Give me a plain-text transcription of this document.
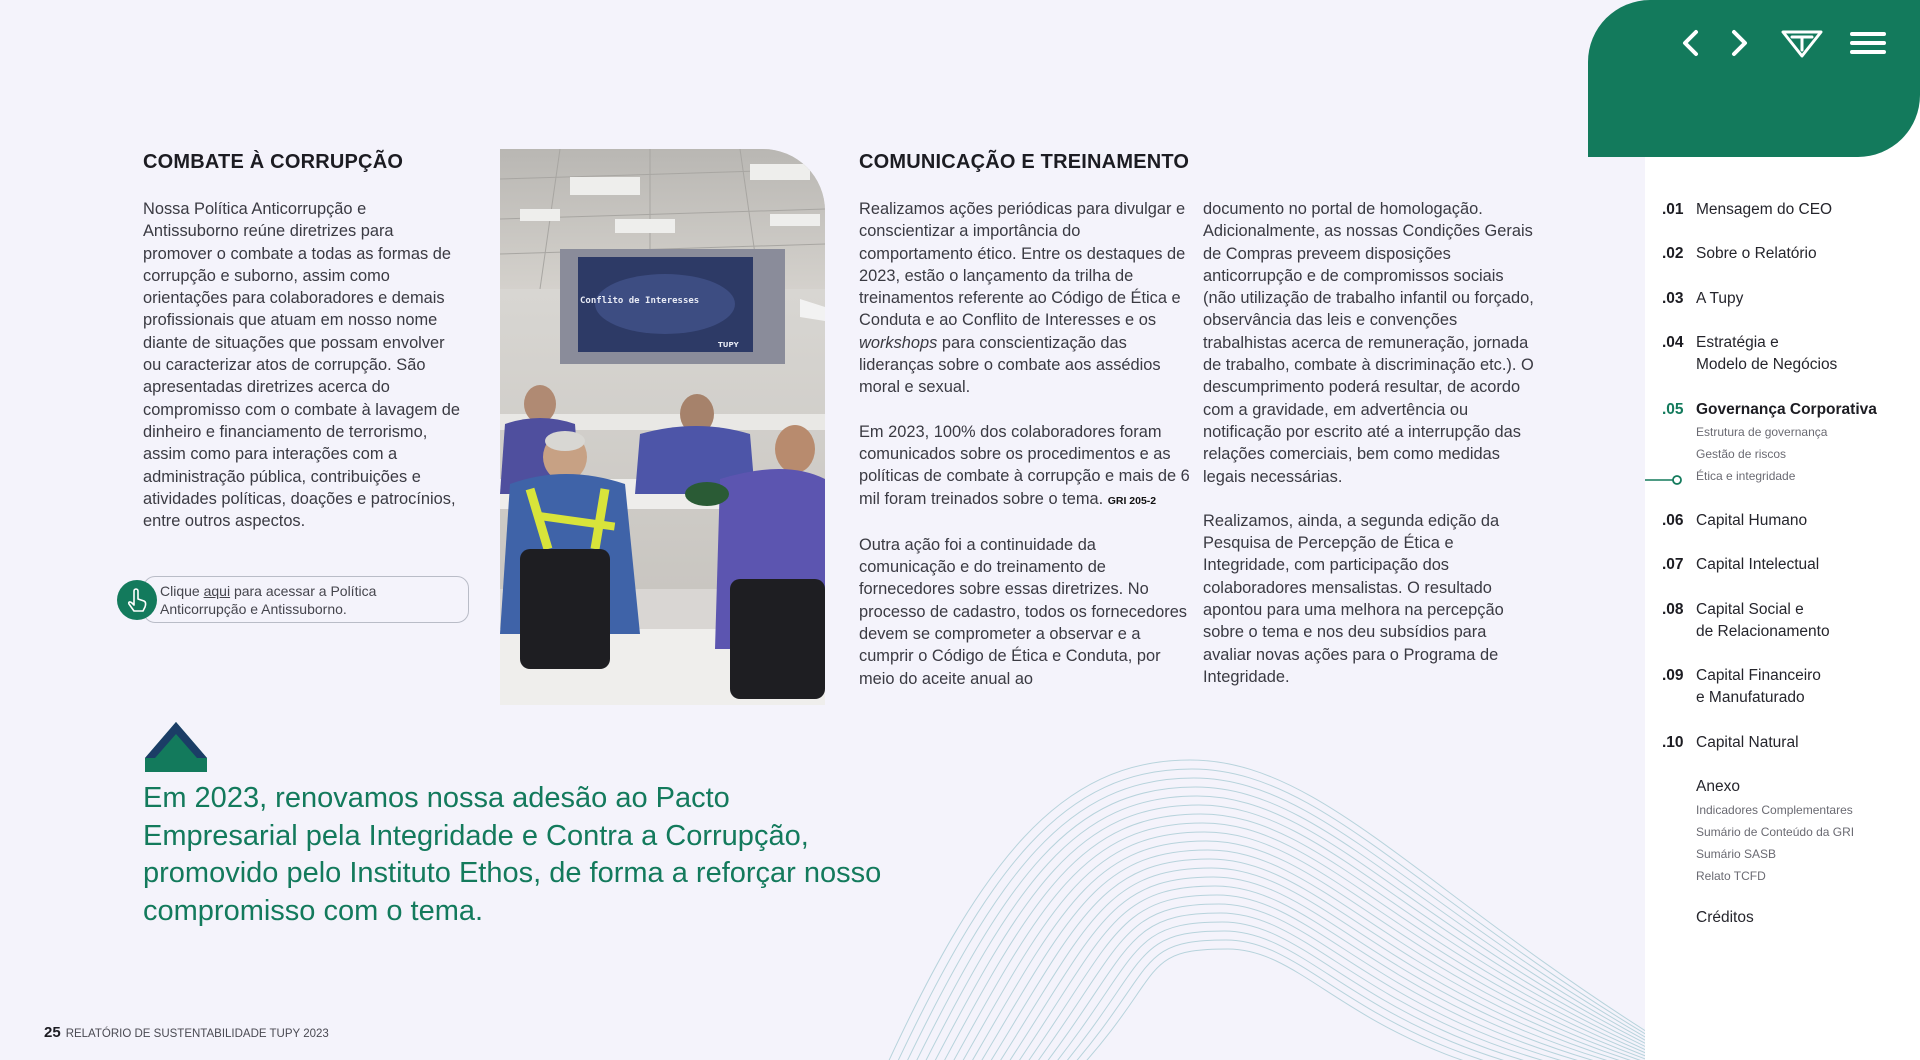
COMBATE À CORRUPÇÃO

Nossa Política Anticorrupção e Antissuborno reúne diretrizes para promover o combate a todas as formas de corrupção e suborno, assim como orientações para colaboradores e demais profissionais que atuam em nosso nome diante de situações que possam envolver ou caracterizar atos de corrupção. São apresentadas diretrizes acerca do compromisso com o combate à lavagem de dinheiro e financiamento de terrorismo, assim como para interações com a administração pública, contribuições e atividades políticas, doações e patrocínios, entre outros aspectos.

Clique aqui para acessar a Política Anticorrupção e Antissuborno.
Conflito de Interesses
TUPY
COMUNICAÇÃO E TREINAMENTO

Realizamos ações periódicas para divulgar e conscientizar a importância do comportamento ético. Entre os destaques de 2023, estão o lançamento da trilha de treinamentos referente ao Código de Ética e Conduta e ao Conflito de Interesses e os workshops para conscientização das lideranças sobre o combate aos assédios moral e sexual.

Em 2023, 100% dos colaboradores foram comunicados sobre os procedimentos e as políticas de combate à corrupção e mais de 6 mil foram treinados sobre o tema. GRI 205-2

Outra ação foi a continuidade da comunicação e do treinamento de fornecedores sobre essas diretrizes. No processo de cadastro, todos os fornecedores devem se comprometer a observar e a cumprir o Código de Ética e Conduta, por meio do aceite anual ao

documento no portal de homologação. Adicionalmente, as nossas Condições Gerais de Compras preveem disposições anticorrupção e de compromissos sociais (não utilização de trabalho infantil ou forçado, observância das leis e convenções trabalhistas acerca de remuneração, jornada de trabalho, combate à discriminação etc.). O descumprimento poderá resultar, de acordo com a gravidade, em advertência ou notificação por escrito até a interrupção das relações comerciais, bem como medidas legais necessárias.

Realizamos, ainda, a segunda edição da Pesquisa de Percepção de Ética e Integridade, com participação dos colaboradores mensalistas. O resultado apontou para uma melhora na percepção sobre o tema e nos deu subsídios para avaliar novas ações para o Programa de Integridade.

Em 2023, renovamos nossa adesão ao Pacto Empresarial pela Integridade e Contra a Corrupção, promovido pelo Instituto Ethos, de forma a reforçar nosso compromisso com o tema.
25 RELATÓRIO DE SUSTENTABILIDADE TUPY 2023
.01 Mensagem do CEO
.02 Sobre o Relatório
.03 A Tupy
.04 Estratégia e
Modelo de Negócios
.05 Governança Corporativa
Estrutura de governança
Gestão de riscos
Ética e integridade
.06 Capital Humano
.07 Capital Intelectual
.08 Capital Social e
de Relacionamento
.09 Capital Financeiro
e Manufaturado
.10 Capital Natural
Anexo
Indicadores Complementares
Sumário de Conteúdo da GRI
Sumário SASB
Relato TCFD
Créditos
